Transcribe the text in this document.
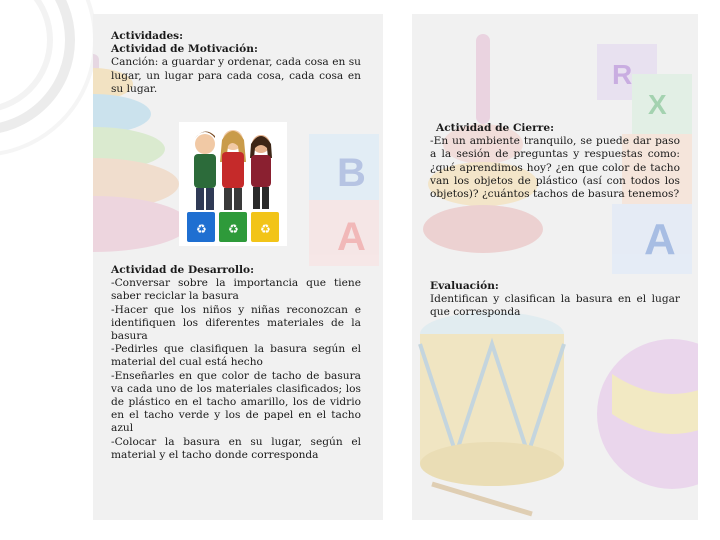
B
A

Actividades:

Actividad de Motivación:

Canción: a guardar y ordenar, cada cosa en su lugar, un lugar para cada cosa, cada cosa en su lugar.

♻ ♻ ♻

Actividad de Desarrollo:

-Conversar sobre la importancia que tiene saber reciclar la basura

-Hacer que los niños y niñas reconozcan e identifiquen los diferentes materiales de la basura

-Pedirles que clasifiquen la basura según el material del cual está hecho

-Enseñarles en que color de tacho de basura va cada uno de los materiales clasificados; los de plástico en el tacho amarillo, los de vidrio en el tacho verde y los de papel en el tacho azul

-Colocar la basura en su lugar, según el material y el tacho donde corresponda

R
X
A

Actividad de Cierre:

-En un ambiente tranquilo, se puede dar paso a la sesión de preguntas y respuestas como: ¿qué aprendimos hoy? ¿en que color de tacho van los objetos de plástico (así con todos los objetos)? ¿cuántos tachos de basura tenemos?

Evaluación:

Identifican y clasifican la basura en el lugar que corresponda
